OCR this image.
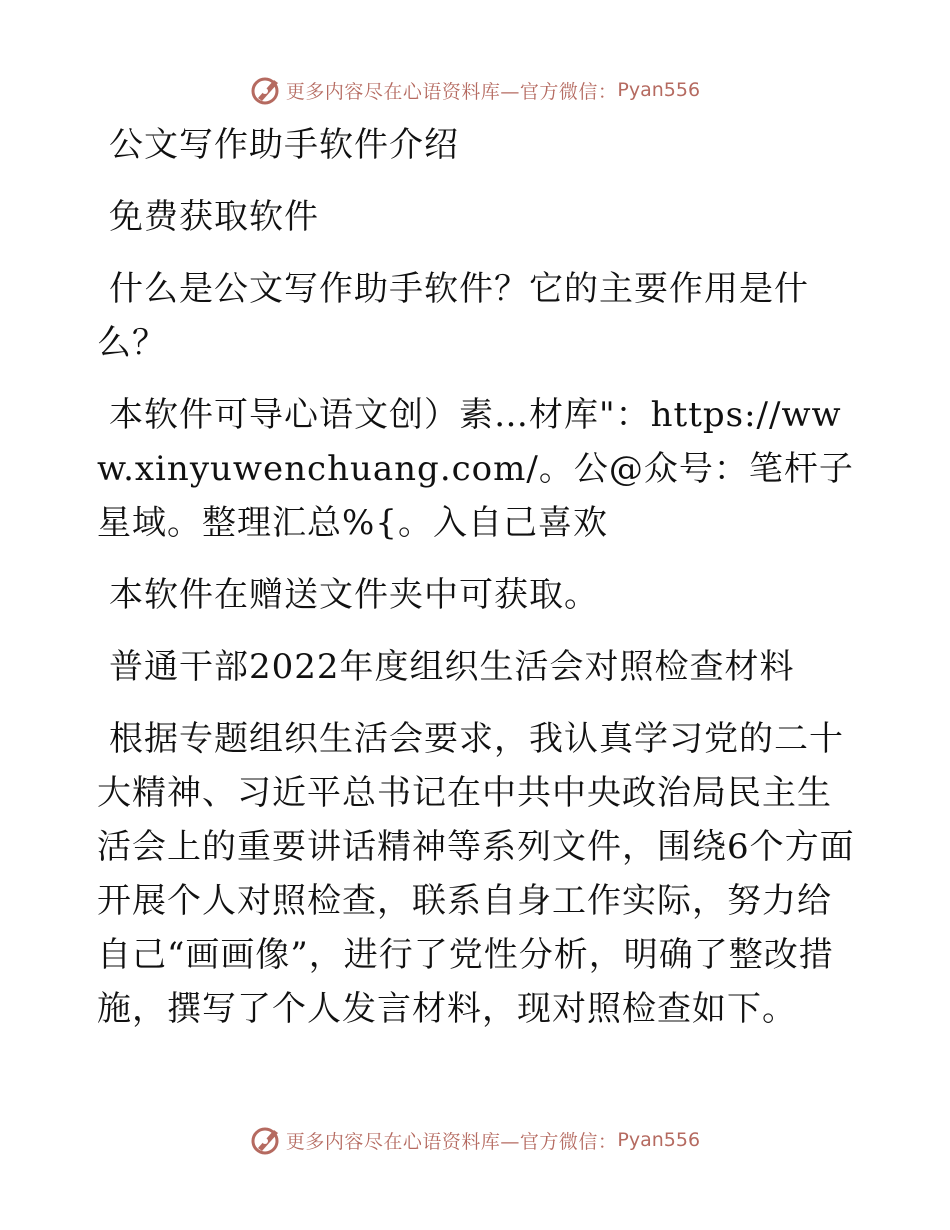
更多内容尽在心语资料库—官方微信： Pyan556

公文写作助手软件介绍

免费获取软件

什么是公文写作助手软件？它的主要作用是什么？

本软件可导心语文创）素…材库"：https://www.xinyuwenchuang.com/。公@众号：笔杆子星域。整理汇总%{。入自己喜欢

本软件在赠送文件夹中可获取。

普通干部2022年度组织生活会对照检查材料

根据专题组织生活会要求，我认真学习党的二十大精神、习近平总书记在中共中央政治局民主生活会上的重要讲话精神等系列文件，围绕6个方面开展个人对照检查，联系自身工作实际，努力给自己“画画像”，进行了党性分析，明确了整改措施，撰写了个人发言材料，现对照检查如下。

更多内容尽在心语资料库—官方微信： Pyan556
